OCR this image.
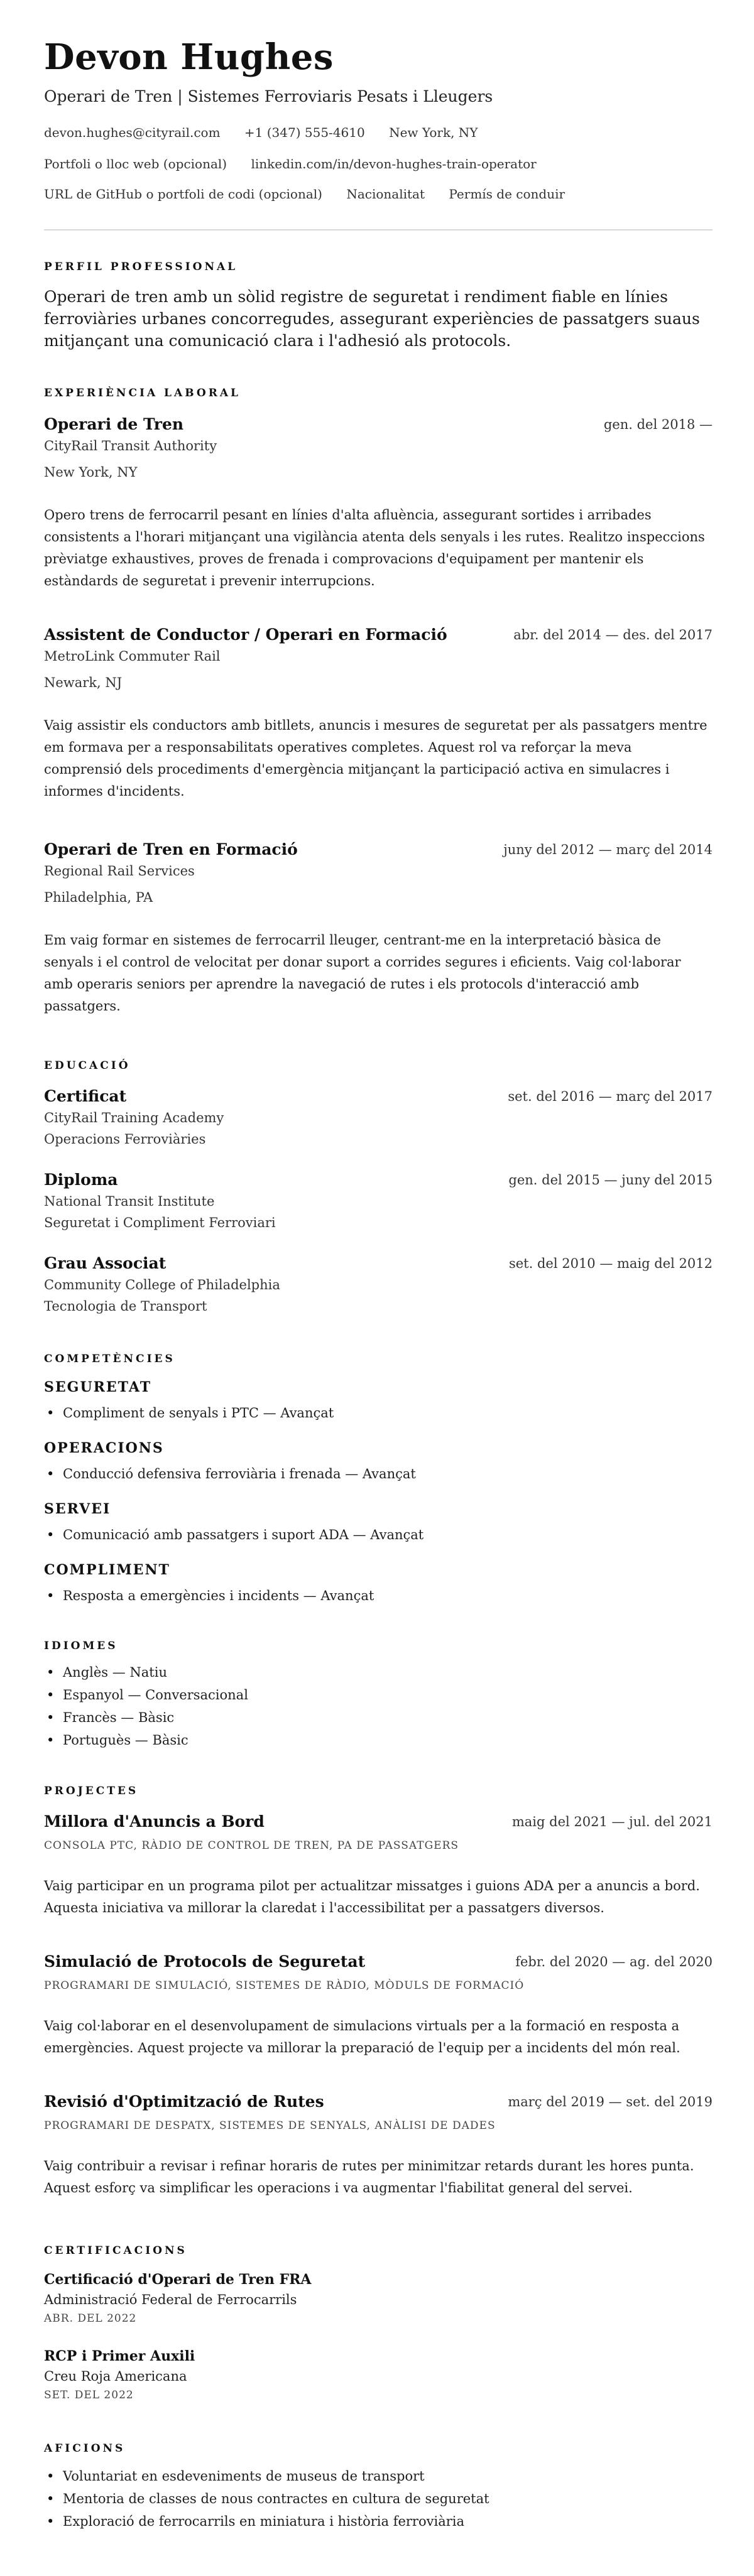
Devon Hughes
Operari de Tren | Sistemes Ferroviaris Pesats i Lleugers
devon.hughes@cityrail.com +1 (347) 555-4610 New York, NY
Portfoli o lloc web (opcional) linkedin.com/in/devon-hughes-train-operator
URL de GitHub o portfoli de codi (opcional) Nacionalitat Permís de conduir
PERFIL PROFESSIONAL
Operari de tren amb un sòlid registre de seguretat i rendiment fiable en línies ferroviàries urbanes concorregudes, assegurant experiències de passatgers suaus mitjançant una comunicació clara i l'adhesió als protocols.
EXPERIÈNCIA LABORAL
Operari de Tren	gen. del 2018 —
CityRail Transit Authority
New York, NY
Opero trens de ferrocarril pesant en línies d'alta afluència, assegurant sortides i arribades consistents a l'horari mitjançant una vigilància atenta dels senyals i les rutes. Realitzo inspeccions prèviatge exhaustives, proves de frenada i comprovacions d'equipament per mantenir els estàndards de seguretat i prevenir interrupcions.
Assistent de Conductor / Operari en Formació	abr. del 2014 — des. del 2017
MetroLink Commuter Rail
Newark, NJ
Vaig assistir els conductors amb bitllets, anuncis i mesures de seguretat per als passatgers mentre em formava per a responsabilitats operatives completes. Aquest rol va reforçar la meva comprensió dels procediments d'emergència mitjançant la participació activa en simulacres i informes d'incidents.
Operari de Tren en Formació	juny del 2012 — març del 2014
Regional Rail Services
Philadelphia, PA
Em vaig formar en sistemes de ferrocarril lleuger, centrant-me en la interpretació bàsica de senyals i el control de velocitat per donar suport a corrides segures i eficients. Vaig col·laborar amb operaris seniors per aprendre la navegació de rutes i els protocols d'interacció amb passatgers.
EDUCACIÓ
Certificat	set. del 2016 — març del 2017
CityRail Training Academy
Operacions Ferroviàries
Diploma	gen. del 2015 — juny del 2015
National Transit Institute
Seguretat i Compliment Ferroviari
Grau Associat	set. del 2010 — maig del 2012
Community College of Philadelphia
Tecnologia de Transport
COMPETÈNCIES
SEGURETAT
• Compliment de senyals i PTC — Avançat
OPERACIONS
• Conducció defensiva ferroviària i frenada — Avançat
SERVEI
• Comunicació amb passatgers i suport ADA — Avançat
COMPLIMENT
• Resposta a emergències i incidents — Avançat
IDIOMES
• Anglès — Natiu
• Espanyol — Conversacional
• Francès — Bàsic
• Portuguès — Bàsic
PROJECTES
Millora d'Anuncis a Bord	maig del 2021 — jul. del 2021
CONSOLA PTC, RÀDIO DE CONTROL DE TREN, PA DE PASSATGERS
Vaig participar en un programa pilot per actualitzar missatges i guions ADA per a anuncis a bord. Aquesta iniciativa va millorar la claredat i l'accessibilitat per a passatgers diversos.
Simulació de Protocols de Seguretat	febr. del 2020 — ag. del 2020
PROGRAMARI DE SIMULACIÓ, SISTEMES DE RÀDIO, MÒDULS DE FORMACIÓ
Vaig col·laborar en el desenvolupament de simulacions virtuals per a la formació en resposta a emergències. Aquest projecte va millorar la preparació de l'equip per a incidents del món real.
Revisió d'Optimització de Rutes	març del 2019 — set. del 2019
PROGRAMARI DE DESPATX, SISTEMES DE SENYALS, ANÀLISI DE DADES
Vaig contribuir a revisar i refinar horaris de rutes per minimitzar retards durant les hores punta. Aquest esforç va simplificar les operacions i va augmentar l'fiabilitat general del servei.
CERTIFICACIONS
Certificació d'Operari de Tren FRA
Administració Federal de Ferrocarrils
ABR. DEL 2022
RCP i Primer Auxili
Creu Roja Americana
SET. DEL 2022
AFICIONS
• Voluntariat en esdeveniments de museus de transport
• Mentoria de classes de nous contractes en cultura de seguretat
• Exploració de ferrocarrils en miniatura i història ferroviària
